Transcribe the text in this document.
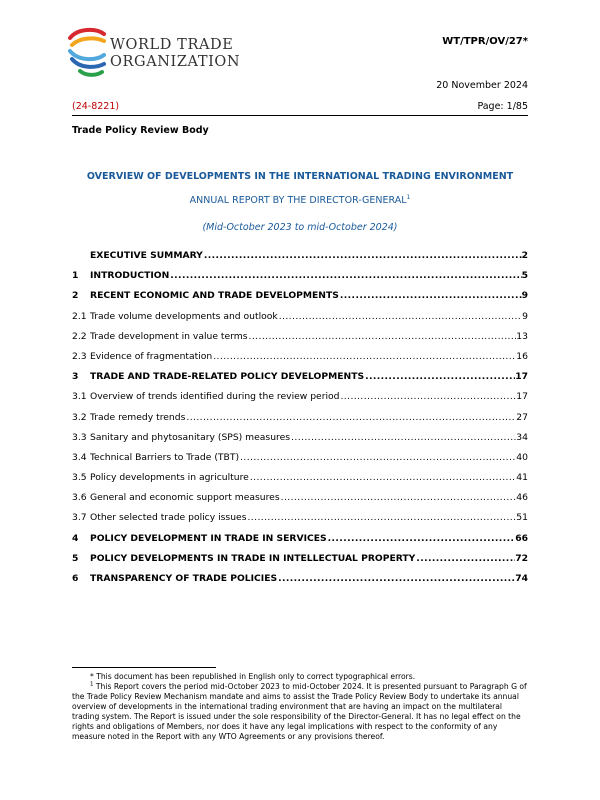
WORLD TRADE
ORGANIZATION
WT/TPR/OV/27*
20 November 2024
(24-8221)	Page: 1/85
Trade Policy Review Body
OVERVIEW OF DEVELOPMENTS IN THE INTERNATIONAL TRADING ENVIRONMENT
ANNUAL REPORT BY THE DIRECTOR-GENERAL$^1$
(Mid-October 2023 to mid-October 2024)
EXECUTIVE SUMMARY .....	2
1	INTRODUCTION .....	5
2	RECENT ECONOMIC AND TRADE DEVELOPMENTS .....	9
2.1 Trade volume developments and outlook .....	9
2.2 Trade development in value terms .....	13
2.3 Evidence of fragmentation .....	16
3	TRADE AND TRADE-RELATED POLICY DEVELOPMENTS .....	17
3.1 Overview of trends identified during the review period .....	17
3.2 Trade remedy trends .....	27
3.3 Sanitary and phytosanitary (SPS) measures .....	34
3.4 Technical Barriers to Trade (TBT) .....	40
3.5 Policy developments in agriculture .....	41
3.6 General and economic support measures .....	46
3.7 Other selected trade policy issues .....	51
4	POLICY DEVELOPMENT IN TRADE IN SERVICES .....	66
5	POLICY DEVELOPMENTS IN TRADE IN INTELLECTUAL PROPERTY .....	72
6	TRANSPARENCY OF TRADE POLICIES .....	74
* This document has been republished in English only to correct typographical errors.
$^1$ This Report covers the period mid-October 2023 to mid-October 2024. It is presented pursuant to Paragraph G of the Trade Policy Review Mechanism mandate and aims to assist the Trade Policy Review Body to undertake its annual overview of developments in the international trading environment that are having an impact on the multilateral trading system. The Report is issued under the sole responsibility of the Director-General. It has no legal effect on the rights and obligations of Members, nor does it have any legal implications with respect to the conformity of any measure noted in the Report with any WTO Agreements or any provisions thereof.
